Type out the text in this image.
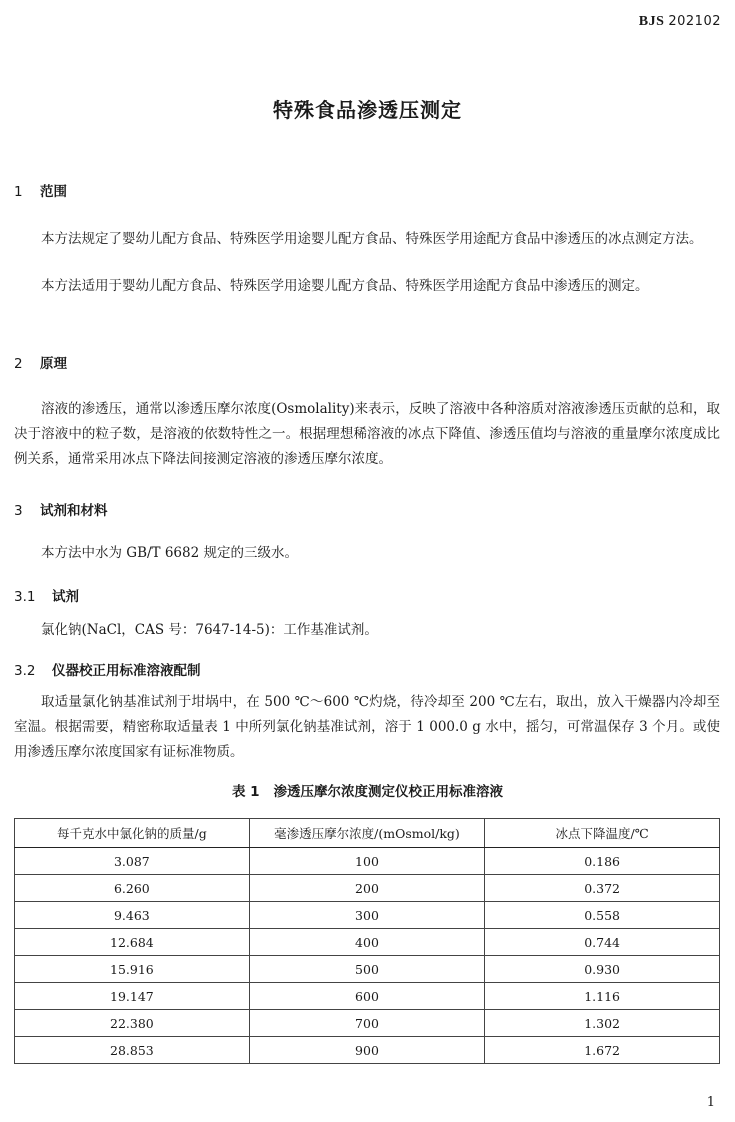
BJS 202102
特殊食品渗透压测定
1 范围

本方法规定了婴幼儿配方食品、特殊医学用途婴儿配方食品、特殊医学用途配方食品中渗透压的冰点测定方法。

本方法适用于婴幼儿配方食品、特殊医学用途婴儿配方食品、特殊医学用途配方食品中渗透压的测定。

2 原理

溶液的渗透压，通常以渗透压摩尔浓度(Osmolality)来表示，反映了溶液中各种溶质对溶液渗透压贡献的总和，取决于溶液中的粒子数，是溶液的依数特性之一。根据理想稀溶液的冰点下降值、渗透压值均与溶液的重量摩尔浓度成比例关系，通常采用冰点下降法间接测定溶液的渗透压摩尔浓度。

3 试剂和材料

本方法中水为 GB/T 6682 规定的三级水。

3.1 试剂

氯化钠(NaCl，CAS 号：7647-14-5)：工作基准试剂。

3.2 仪器校正用标准溶液配制

取适量氯化钠基准试剂于坩埚中，在 500 ℃～600 ℃灼烧，待冷却至 200 ℃左右，取出，放入干燥器内冷却至室温。根据需要，精密称取适量表 1 中所列氯化钠基准试剂，溶于 1 000.0 g 水中，摇匀，可常温保存 3 个月。或使用渗透压摩尔浓度国家有证标准物质。

表 1 渗透压摩尔浓度测定仪校正用标准溶液
每千克水中氯化钠的质量/g	毫渗透压摩尔浓度/(mOsmol/kg)	冰点下降温度/℃
3.087	100	0.186
6.260	200	0.372
9.463	300	0.558
12.684	400	0.744
15.916	500	0.930
19.147	600	1.116
22.380	700	1.302
28.853	900	1.672
1
